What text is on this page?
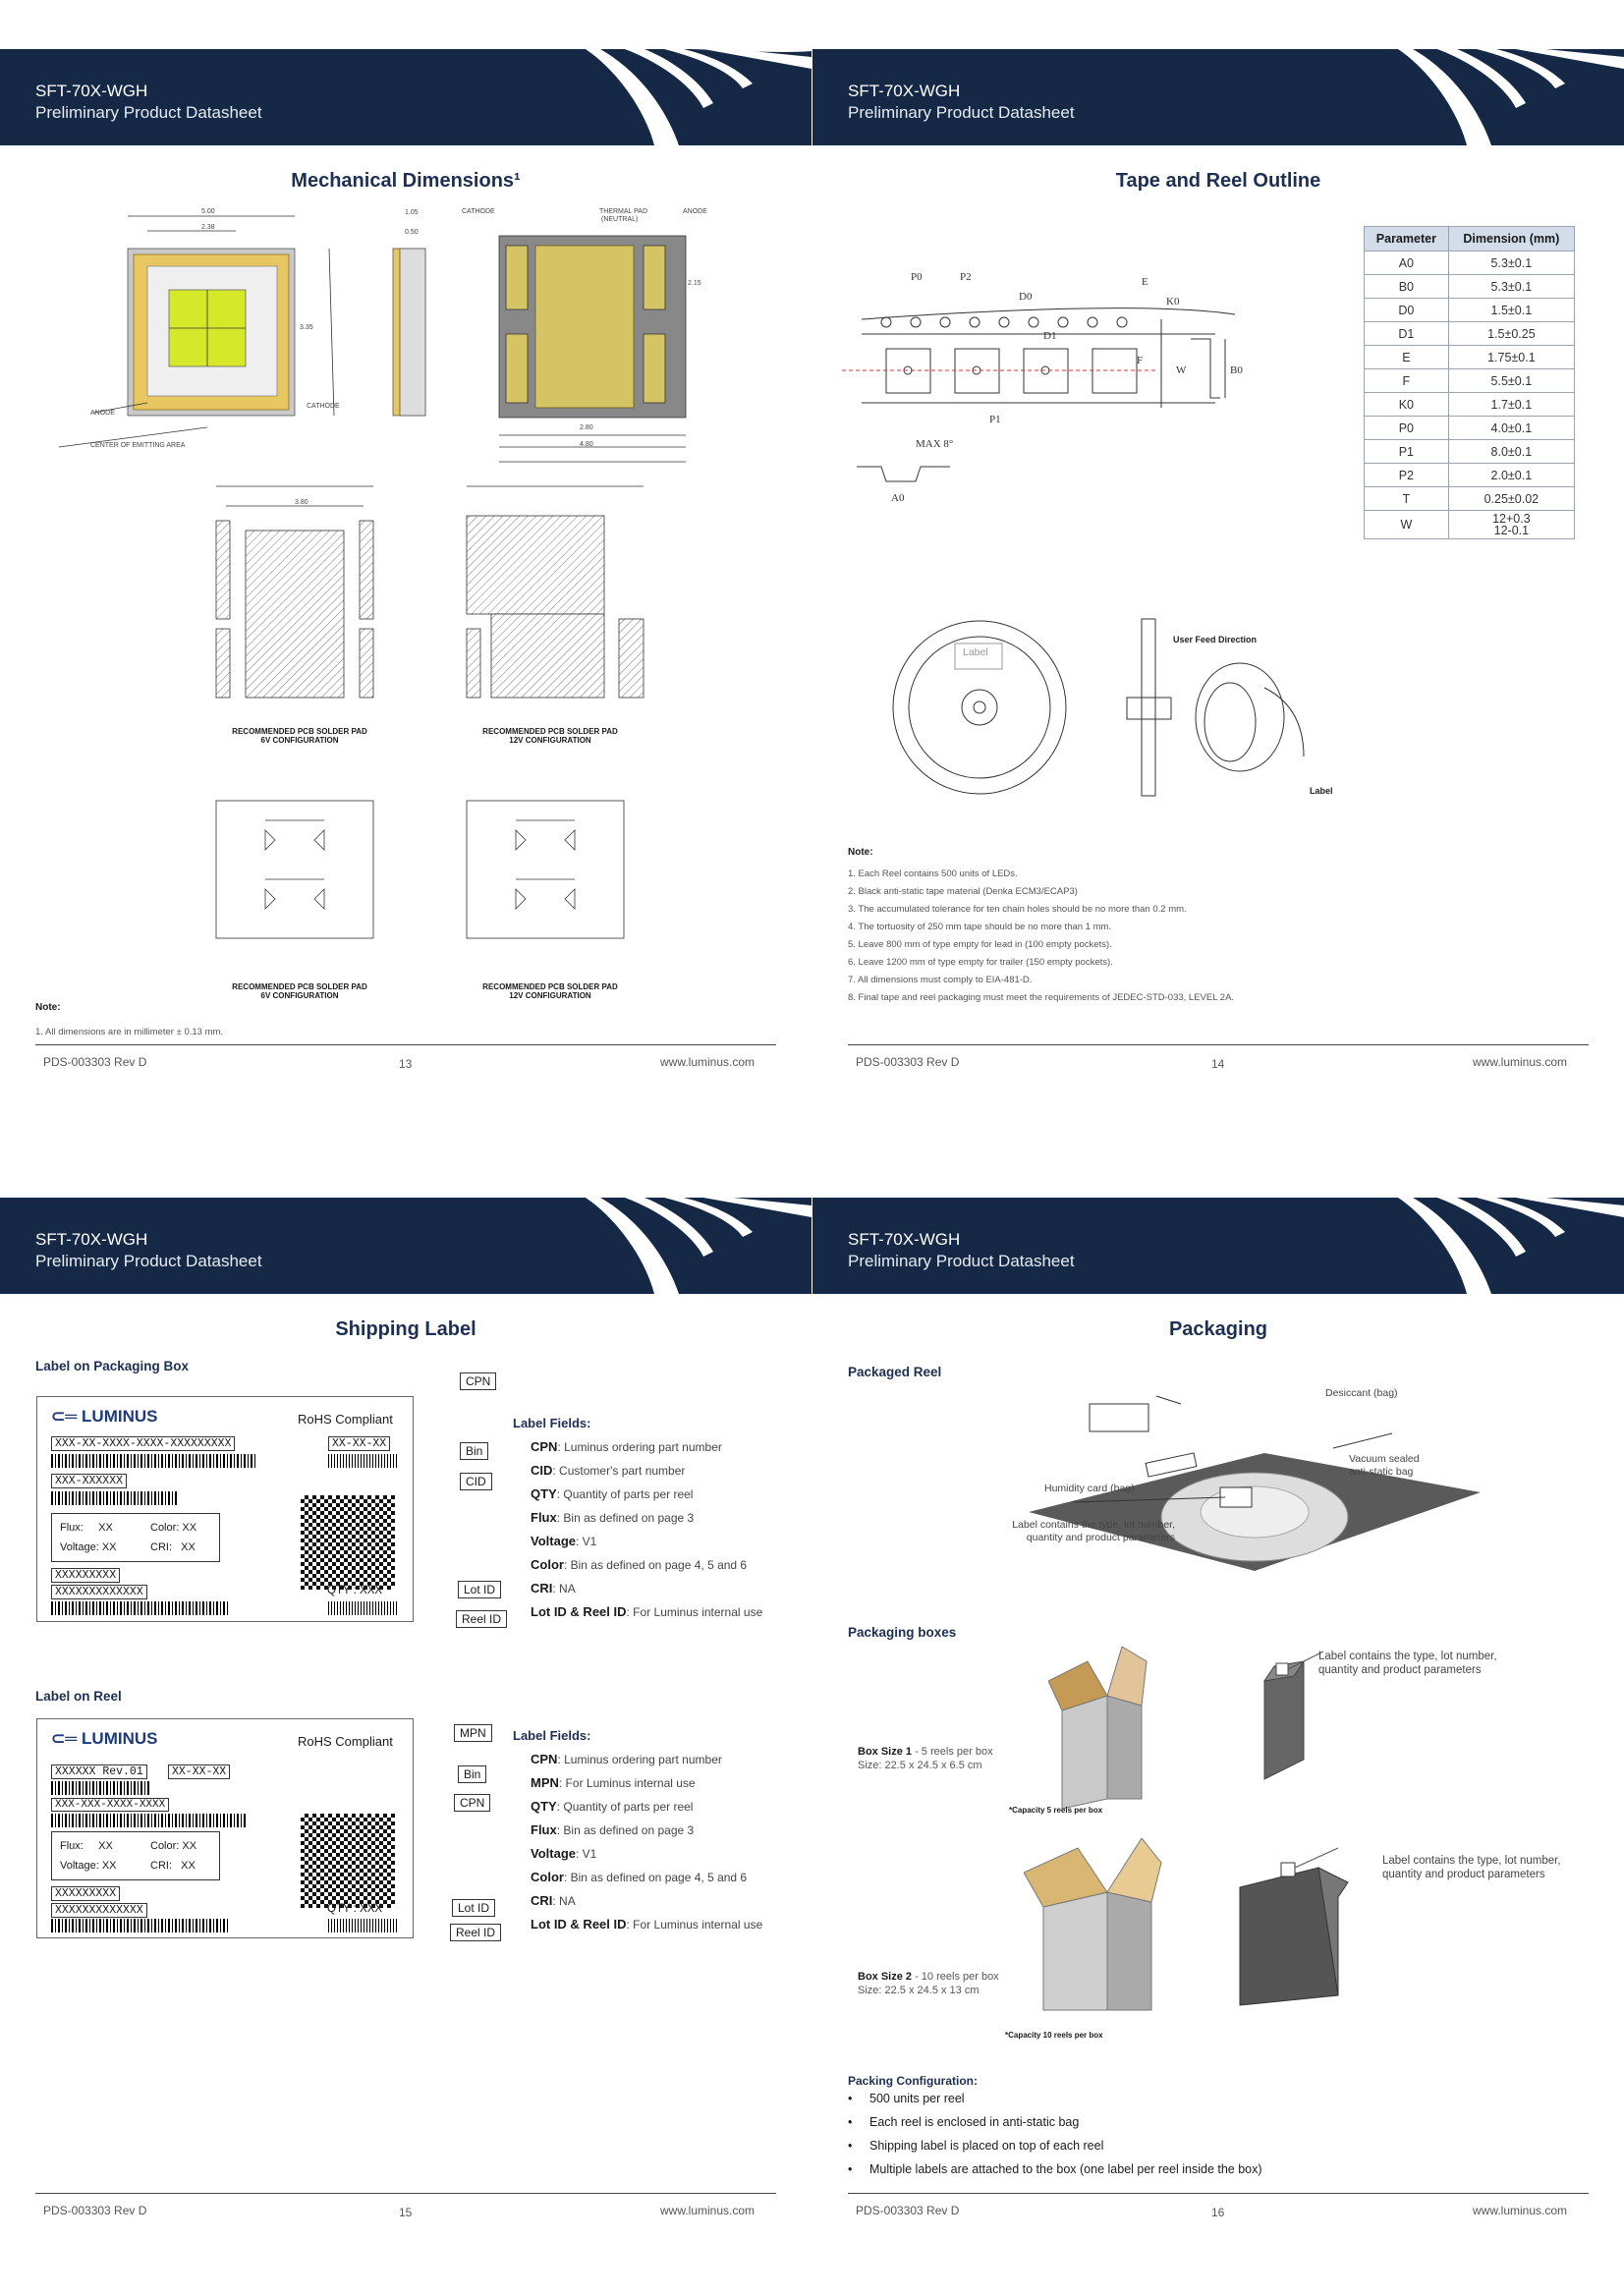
SFT-70X-WGH
Preliminary Product Datasheet
Mechanical Dimensions¹
5.00
2.38
1.05
0.50
3.35
2.15
2.80
4.80
3.80
CATHODE	ANODE
THERMAL PAD
(NEUTRAL)
ANODE
CATHODE
CENTER OF EMITTING AREA
RECOMMENDED PCB SOLDER PAD
6V CONFIGURATION
RECOMMENDED PCB SOLDER PAD
12V CONFIGURATION
RECOMMENDED PCB SOLDER PAD
6V CONFIGURATION
RECOMMENDED PCB SOLDER PAD
12V CONFIGURATION
Note:
1. All dimensions are in millimeter ± 0.13 mm.
PDS-003303 Rev D	13	www.luminus.com
SFT-70X-WGH
Preliminary Product Datasheet
Tape and Reel Outline
P0	P2
D0
D1
K0
P1
A0
W	B0
MAX 8°
E
F
Parameter	Dimension (mm)
A0	5.3±0.1
B0	5.3±0.1
D0	1.5±0.1
D1	1.5±0.25
E	1.75±0.1
F	5.5±0.1
K0	1.7±0.1
P0	4.0±0.1
P1	8.0±0.1
P2	2.0±0.1
T	0.25±0.02
W	12+0.3
12-0.1
Label
User Feed Direction
Label
Note:
1. Each Reel contains 500 units of LEDs.
2. Black anti-static tape material (Denka ECM3/ECAP3)
3. The accumulated tolerance for ten chain holes should be no more than 0.2 mm.
4. The tortuosity of 250 mm tape should be no more than 1 mm.
5. Leave 800 mm of type empty for lead in (100 empty pockets).
6. Leave 1200 mm of type empty for trailer (150 empty pockets).
7. All dimensions must comply to EIA-481-D.
8. Final tape and reel packaging must meet the requirements of JEDEC-STD-033, LEVEL 2A.
PDS-003303 Rev D	14	www.luminus.com
SFT-70X-WGH
Preliminary Product Datasheet
Shipping Label
Label on Packaging Box
⊂═ LUMINUS	RoHS Compliant
XXX-XX-XXXX-XXXX-XXXXXXXXX	XX-XX-XX
XXX-XXXXXX
Flux: XX	Color: XX
Voltage: XX	CRI: XX
XXXXXXXXX
XXXXXXXXXXXXX	QTY : XXX
CPN
Bin
CID
Lot ID
Reel ID
Label Fields:
CPN: Luminus ordering part number
CID: Customer's part number
QTY: Quantity of parts per reel
Flux: Bin as defined on page 3
Voltage: V1
Color: Bin as defined on page 4, 5 and 6
CRI: NA
Lot ID & Reel ID: For Luminus internal use
Label on Reel
⊂═ LUMINUS	RoHS Compliant
XXXXXX Rev.01	XX-XX-XX
XXX-XXX-XXXX-XXXX
Flux: XX	Color: XX
Voltage: XX	CRI: XX
XXXXXXXXX
XXXXXXXXXXXXX	QTY : XXX
MPN
Bin
CPN
Lot ID
Reel ID
Label Fields:
CPN: Luminus ordering part number
MPN: For Luminus internal use
QTY: Quantity of parts per reel
Flux: Bin as defined on page 3
Voltage: V1
Color: Bin as defined on page 4, 5 and 6
CRI: NA
Lot ID & Reel ID: For Luminus internal use
PDS-003303 Rev D	15	www.luminus.com
SFT-70X-WGH
Preliminary Product Datasheet
Packaging
Packaged Reel
Desiccant (bag)
Humidity card (bag)
Vacuum sealed
anti-static bag
Label contains the type, lot number,
quantity and product parameters
Packaging boxes
Label contains the type, lot number,
quantity and product parameters
Box Size 1 - 5 reels per box
Size: 22.5 x 24.5 x 6.5 cm
*Capacity 5 reels per box
Label contains the type, lot number,
quantity and product parameters
Box Size 2 - 10 reels per box
Size: 22.5 x 24.5 x 13 cm
*Capacity 10 reels per box
Packing Configuration:
• 500 units per reel
• Each reel is enclosed in anti-static bag
• Shipping label is placed on top of each reel
• Multiple labels are attached to the box (one label per reel inside the box)
PDS-003303 Rev D	16	www.luminus.com
